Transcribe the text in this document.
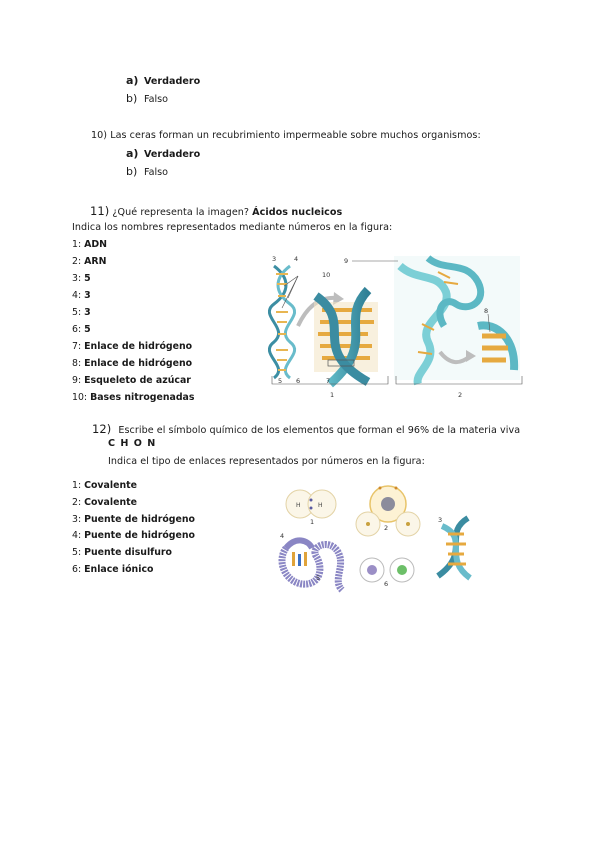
a) Verdadero
b) Falso
10) Las ceras forman un recubrimiento impermeable sobre muchos organismos:
a) Verdadero
b) Falso
11) ¿Qué representa la imagen? Ácidos nucleicos
Indica los nombres representados mediante números en la figura:
1: ADN
2: ARN
3: 5
4: 3
5: 3
6: 5
7: Enlace de hidrógeno
8: Enlace de hidrógeno
9: Esqueleto de azúcar
10: Bases nitrogenadas
3	4	9
10
8
5 6	7
1	2
12) Escribe el símbolo químico de los elementos que forman el 96% de la materia viva
C H O N
Indica el tipo de enlaces representados por números en la figura:
1: Covalente
2: Covalente
3: Puente de hidrógeno
4: Puente de hidrógeno
5: Puente disulfuro
6: Enlace iónico
H	H
1
2
3
4
5
6
